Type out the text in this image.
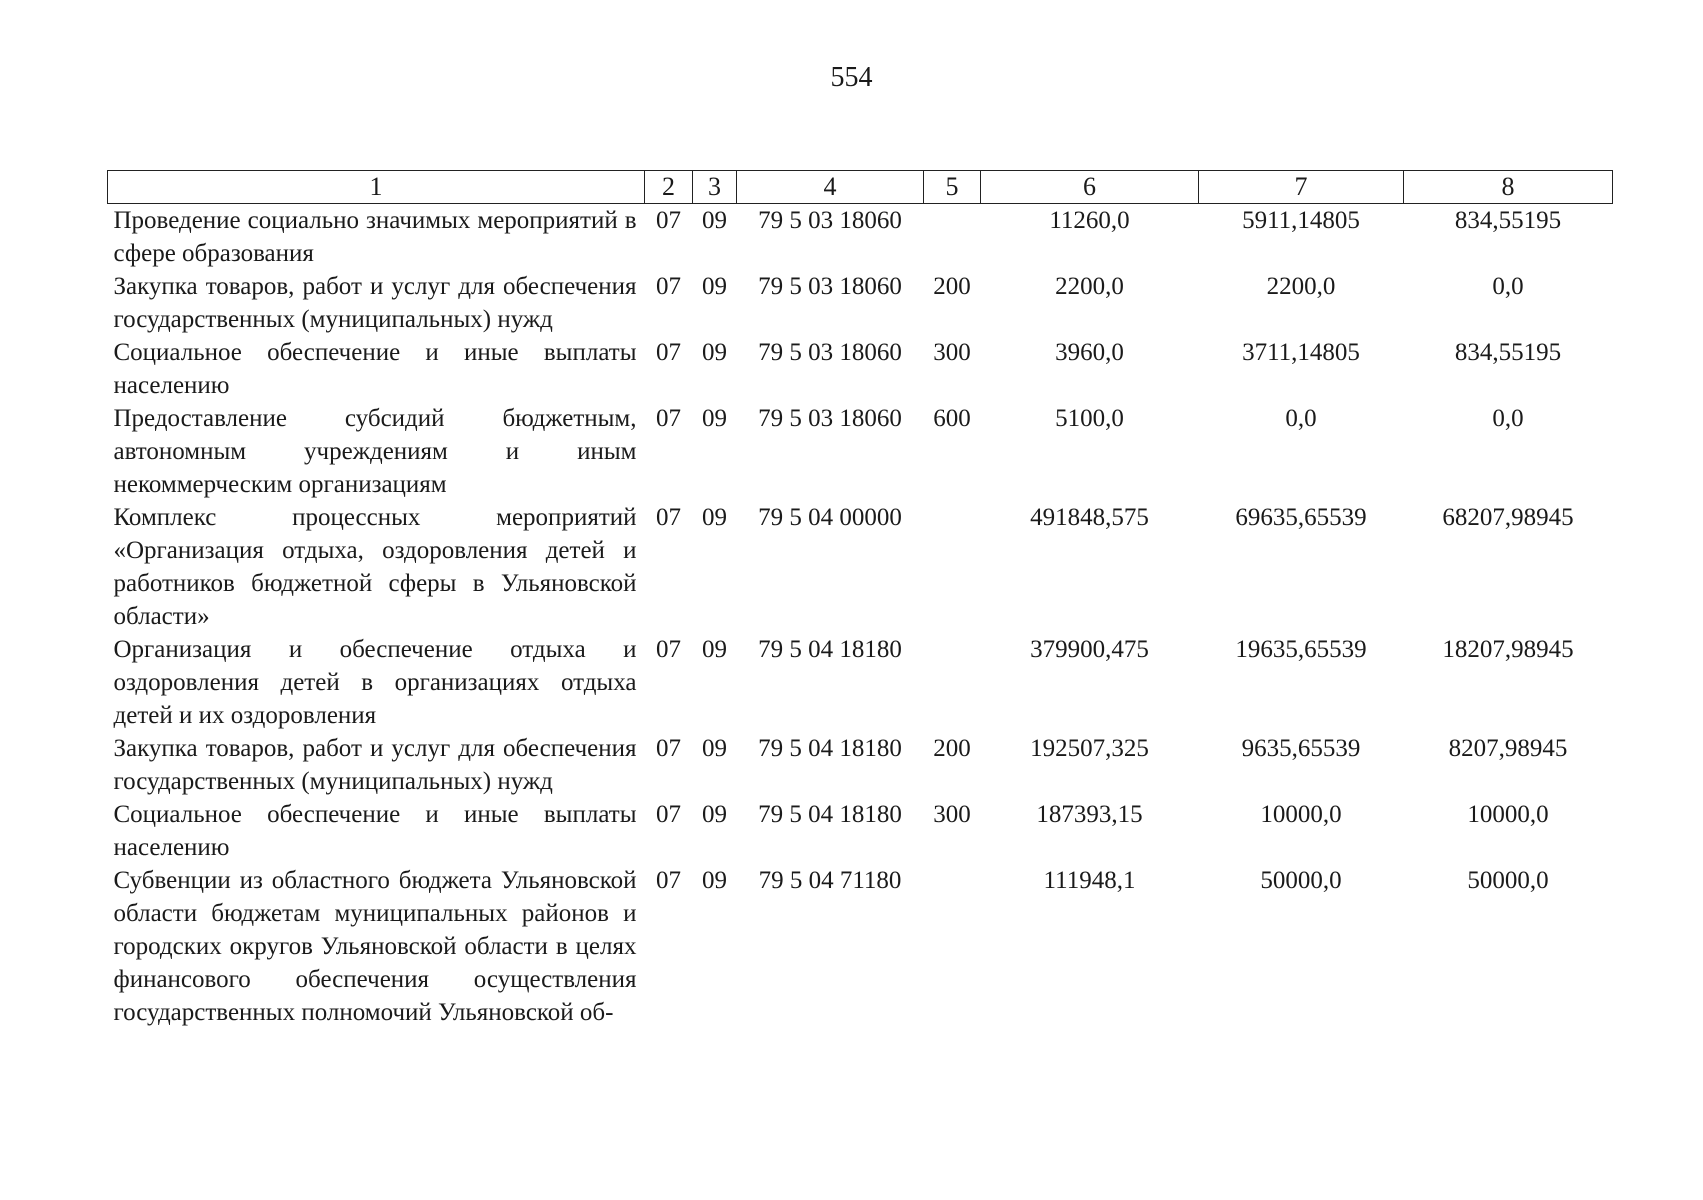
554
1	2	3	4	5	6	7	8
Проведение социально значимых мероприятий в сфере образования	07	09	79 5 03 18060		11260,0	5911,14805	834,55195
Закупка товаров, работ и услуг для обеспечения государственных (муниципальных) нужд	07	09	79 5 03 18060	200	2200,0	2200,0	0,0
Социальное обеспечение и иные выплаты населению	07	09	79 5 03 18060	300	3960,0	3711,14805	834,55195
Предоставление субсидий бюджетным, автономным учреждениям и иным некоммерческим организациям	07	09	79 5 03 18060	600	5100,0	0,0	0,0
Комплекс процессных мероприятий «Организация отдыха, оздоровления детей и работников бюджетной сферы в Ульяновской области»	07	09	79 5 04 00000		491848,575	69635,65539	68207,98945
Организация и обеспечение отдыха и оздоровления детей в организациях отдыха детей и их оздоровления	07	09	79 5 04 18180		379900,475	19635,65539	18207,98945
Закупка товаров, работ и услуг для обеспечения государственных (муниципальных) нужд	07	09	79 5 04 18180	200	192507,325	9635,65539	8207,98945
Социальное обеспечение и иные выплаты населению	07	09	79 5 04 18180	300	187393,15	10000,0	10000,0
Субвенции из областного бюджета Ульяновской области бюджетам муниципальных районов и городских округов Ульяновской области в целях финансового обеспечения осуществления государственных полномочий Ульяновской об-	07	09	79 5 04 71180		111948,1	50000,0	50000,0
